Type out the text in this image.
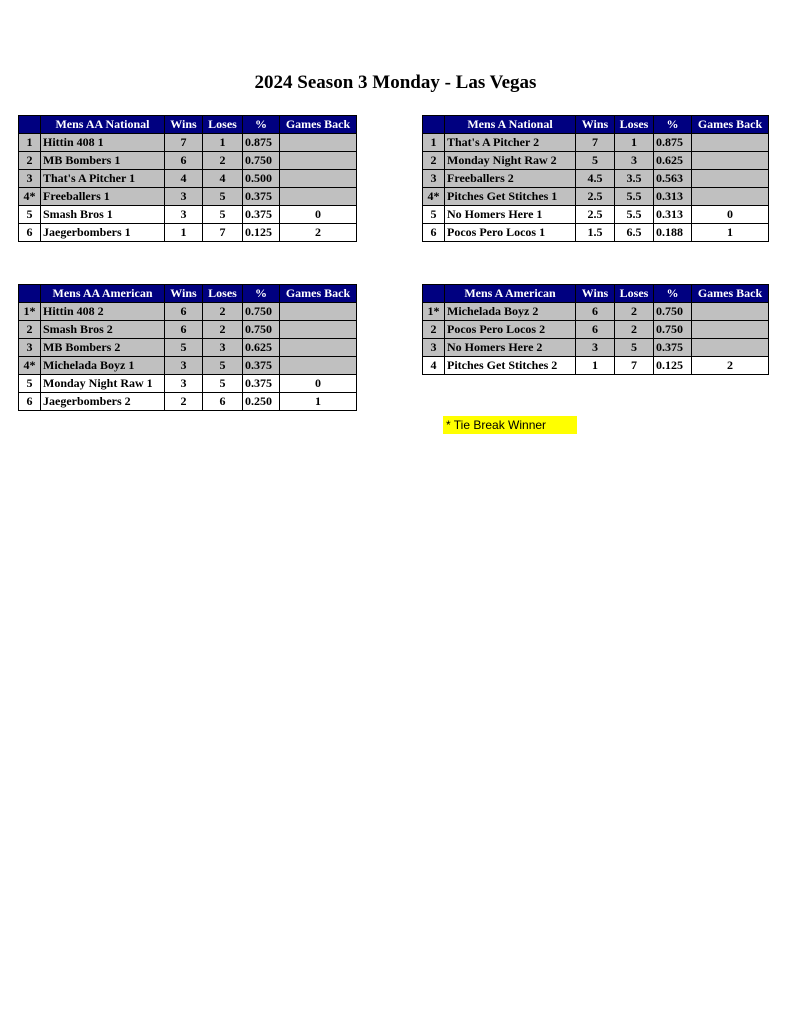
2024 Season 3 Monday - Las Vegas
	Mens AA National	Wins	Loses	%	Games Back
1	Hittin 408 1	7	1	0.875	
2	MB Bombers 1	6	2	0.750	
3	That's A Pitcher 1	4	4	0.500	
4*	Freeballers 1	3	5	0.375	
5	Smash Bros 1	3	5	0.375	0
6	Jaegerbombers 1	1	7	0.125	2
	Mens A National	Wins	Loses	%	Games Back
1	That's A Pitcher 2	7	1	0.875	
2	Monday Night Raw 2	5	3	0.625	
3	Freeballers 2	4.5	3.5	0.563	
4*	Pitches Get Stitches 1	2.5	5.5	0.313	
5	No Homers Here 1	2.5	5.5	0.313	0
6	Pocos Pero Locos 1	1.5	6.5	0.188	1
	Mens AA American	Wins	Loses	%	Games Back
1*	Hittin 408 2	6	2	0.750	
2	Smash Bros 2	6	2	0.750	
3	MB Bombers 2	5	3	0.625	
4*	Michelada Boyz 1	3	5	0.375	
5	Monday Night Raw 1	3	5	0.375	0
6	Jaegerbombers 2	2	6	0.250	1
	Mens A American	Wins	Loses	%	Games Back
1*	Michelada Boyz 2	6	2	0.750	
2	Pocos Pero Locos 2	6	2	0.750	
3	No Homers Here 2	3	5	0.375	
4	Pitches Get Stitches 2	1	7	0.125	2
* Tie Break Winner
